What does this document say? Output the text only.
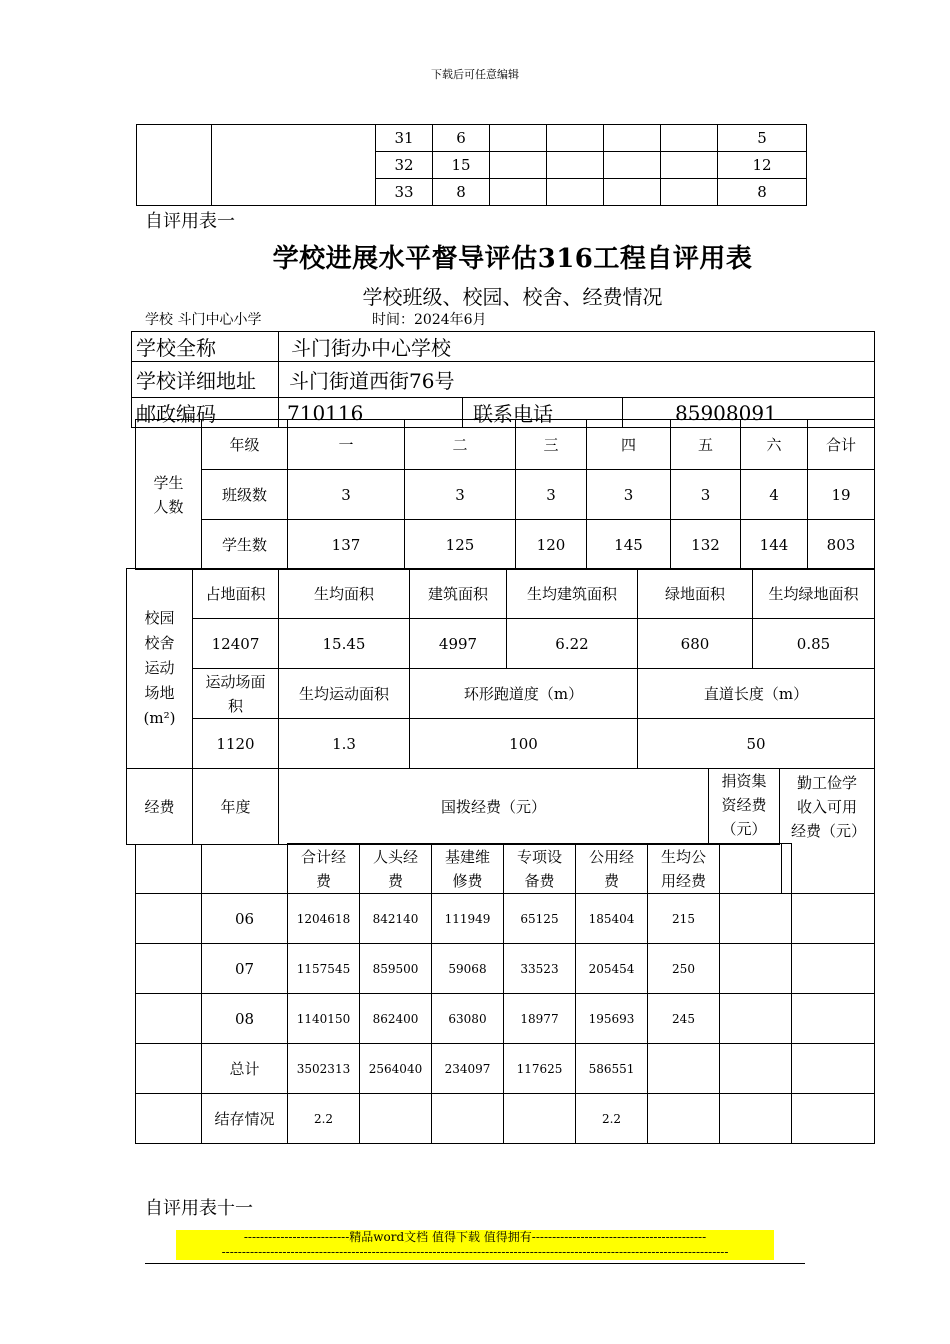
下载后可任意编辑
		31	6					5
		32	15					12
		33	8					8
自评用表一
学校进展水平督导评估316工程自评用表
学校班级、校园、校舍、经费情况
学校 斗门中心小学	时间：2024年6月
学校全称	斗门街办中心学校		
学校详细地址	斗门街道西街76号		
邮政编码	710116	联系电话	85908091
学生人数	年级	一	二	三	四	五	六	合计
	班级数	3	3	3	3	3	4	19
	学生数	137	125	120	145	132	144	803
校园
校舍
运动
场地
(m²)	占地面积	生均面积	建筑面积	生均建筑面积	绿地面积	生均绿地面积
	12407	15.45	4997	6.22	680	0.85
	运动场面积	生均运动面积	环形跑道度（m）		直道长度（m）	
	1120	1.3	100		50	
经费	年度	国拨经费（元）	捐资集资经费（元）	勤工俭学收入可用经费（元）
		合计经费	人头经费	基建维修费	专项设备费	公用经费	生均公用经费		
	06	1204618	842140	111949	65125	185404	215		
	07	1157545	859500	59068	33523	205454	250		
	08	1140150	862400	63080	18977	195693	245		
	总计	3502313	2564040	234097	117625	586551			
	结存情况	2.2				2.2			
自评用表十一
--------------------------精品word文档 值得下载 值得拥有-------------------------------------------
-----------------------------------------------------------------------------------------------------------------------------
